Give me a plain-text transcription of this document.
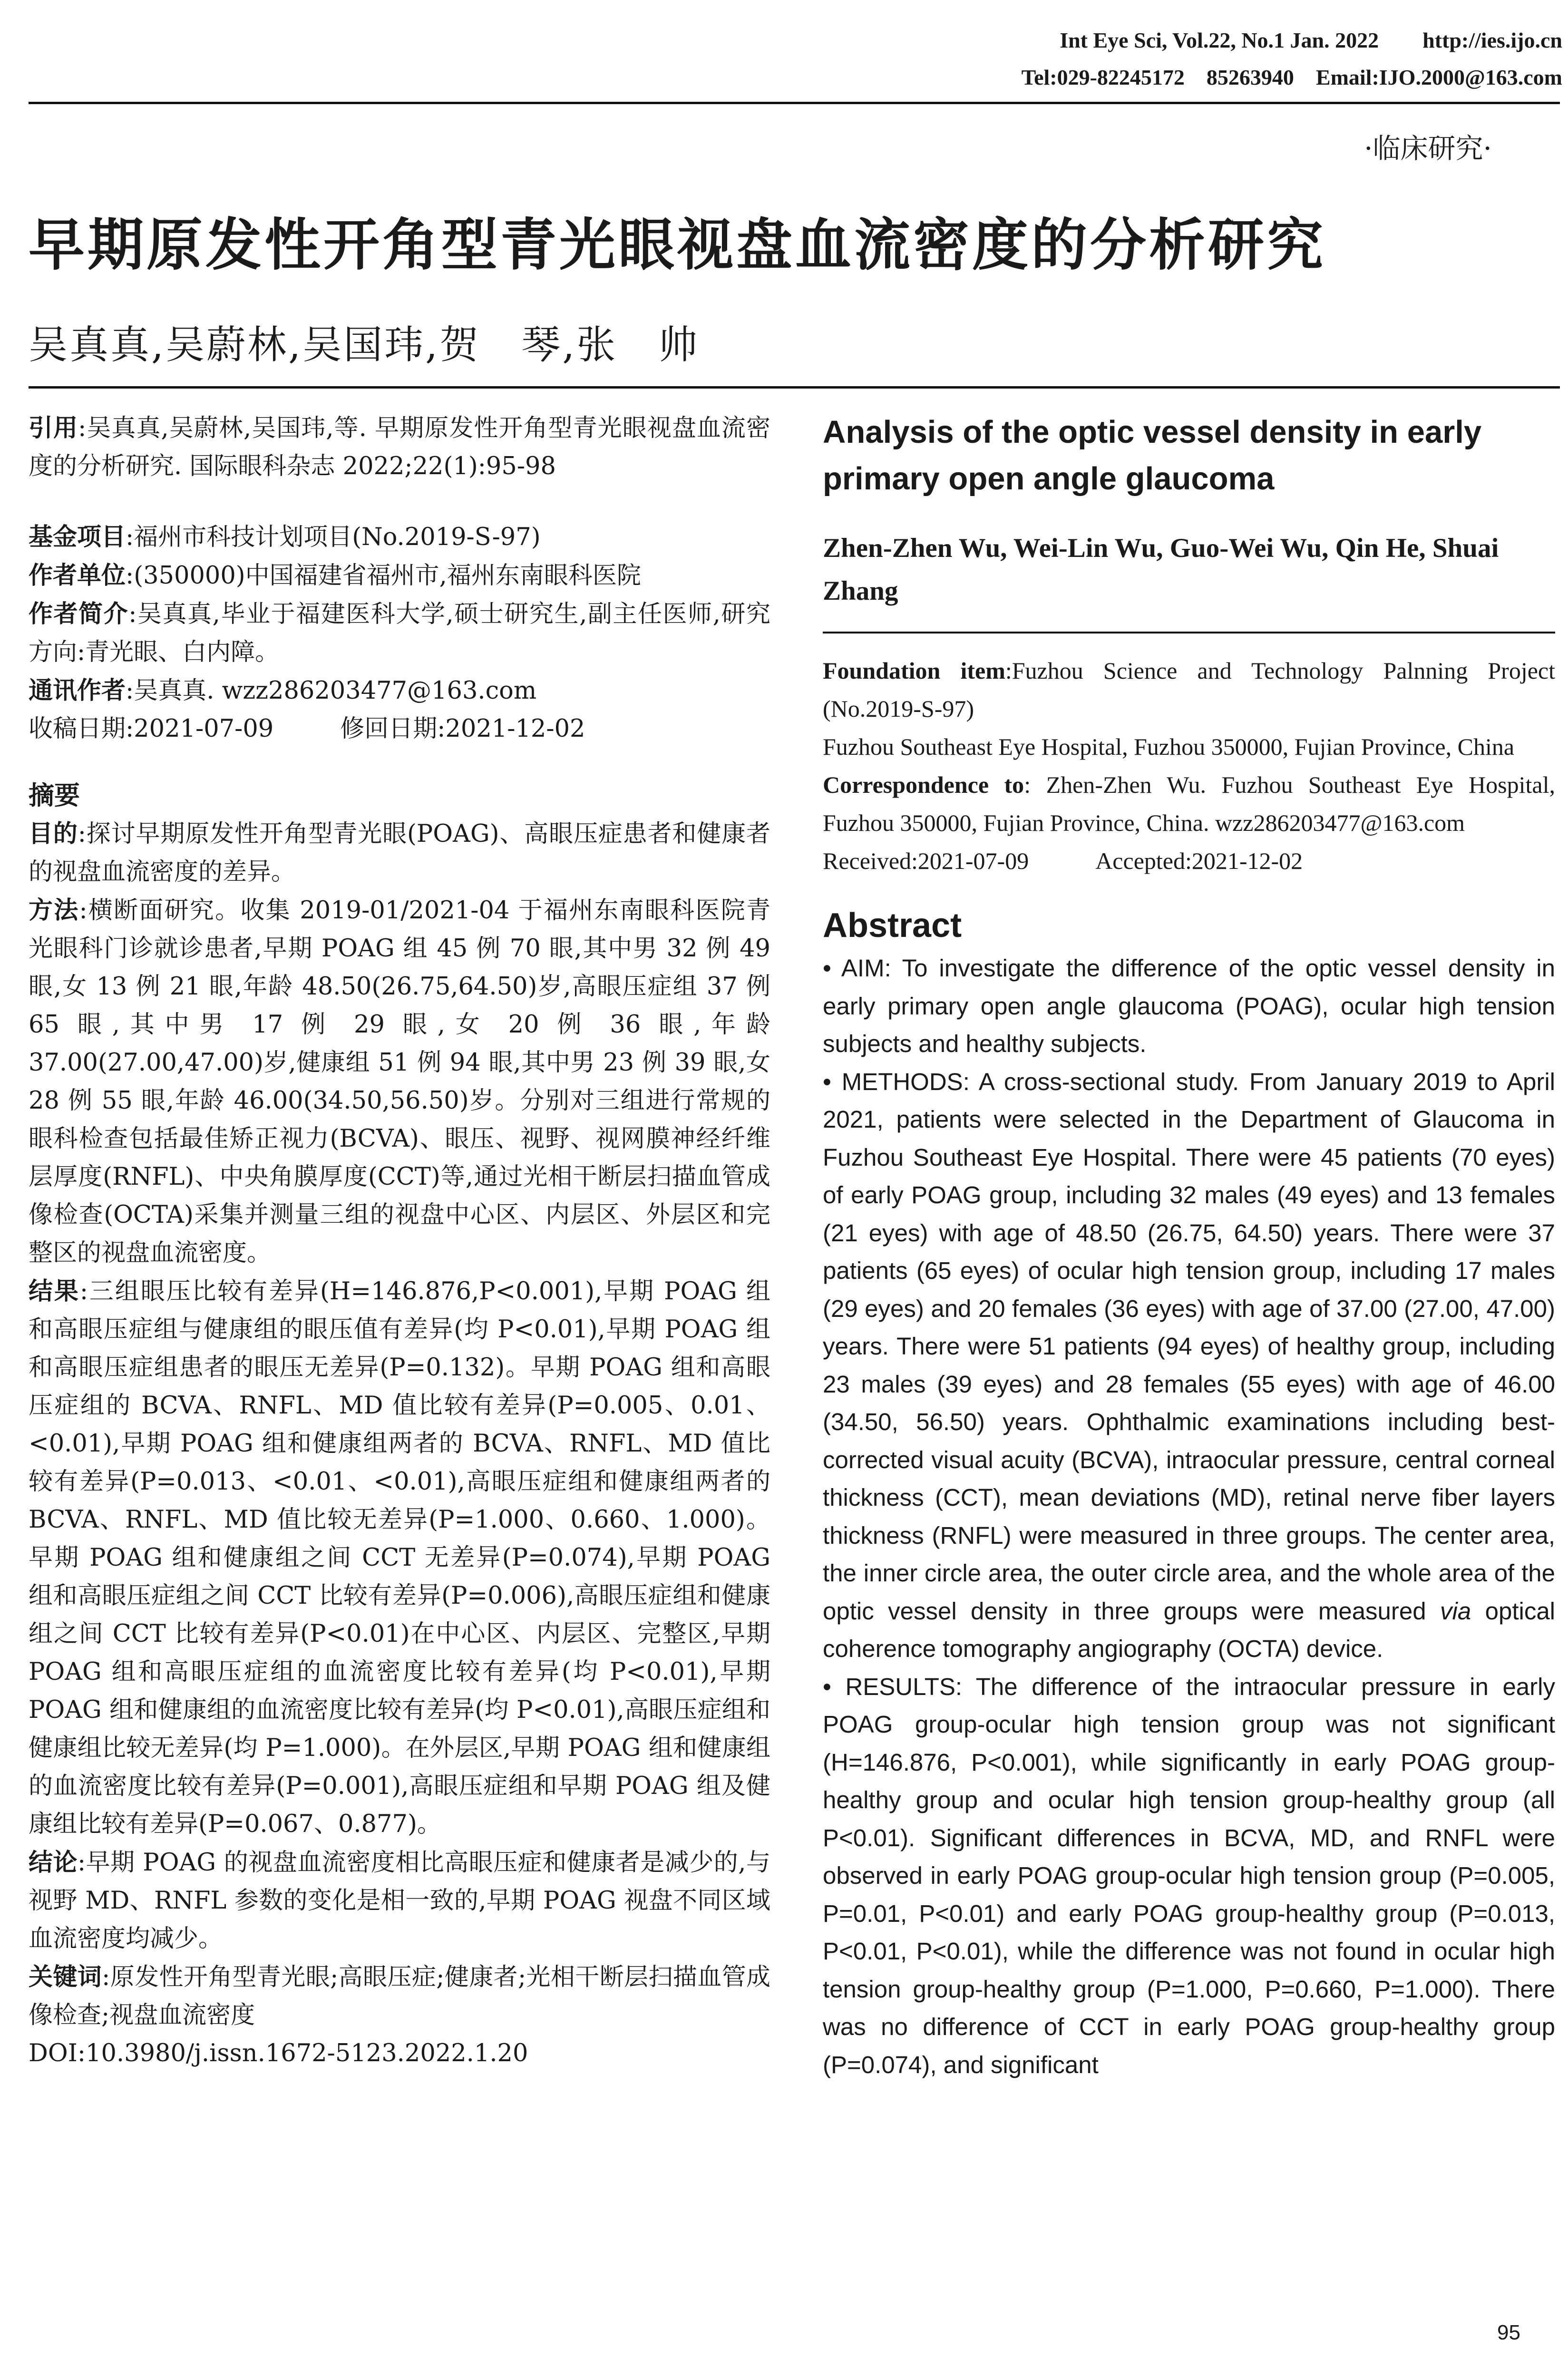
Int Eye Sci, Vol.22, No.1 Jan. 2022        http://ies.ijo.cn
Tel:029-82245172    85263940    Email:IJO.2000@163.com
·临床研究·
早期原发性开角型青光眼视盘血流密度的分析研究
吴真真,吴蔚林,吴国玮,贺　琴,张　帅

引用:吴真真,吴蔚林,吴国玮,等. 早期原发性开角型青光眼视盘血流密度的分析研究. 国际眼科杂志 2022;22(1):95-98

基金项目:福州市科技计划项目(No.2019-S-97)

作者单位:(350000)中国福建省福州市,福州东南眼科医院

作者简介:吴真真,毕业于福建医科大学,硕士研究生,副主任医师,研究方向:青光眼、白内障。

通讯作者:吴真真. wzz286203477@163.com

收稿日期:2021-07-09	修回日期:2021-12-02

摘要

目的:探讨早期原发性开角型青光眼(POAG)、高眼压症患者和健康者的视盘血流密度的差异。

方法:横断面研究。收集 2019-01/2021-04 于福州东南眼科医院青光眼科门诊就诊患者,早期 POAG 组 45 例 70 眼,其中男 32 例 49 眼,女 13 例 21 眼,年龄 48.50(26.75,64.50)岁,高眼压症组 37 例 65 眼,其中男 17 例 29 眼,女 20 例 36 眼,年龄 37.00(27.00,47.00)岁,健康组 51 例 94 眼,其中男 23 例 39 眼,女 28 例 55 眼,年龄 46.00(34.50,56.50)岁。分别对三组进行常规的眼科检查包括最佳矫正视力(BCVA)、眼压、视野、视网膜神经纤维层厚度(RNFL)、中央角膜厚度(CCT)等,通过光相干断层扫描血管成像检查(OCTA)采集并测量三组的视盘中心区、内层区、外层区和完整区的视盘血流密度。

结果:三组眼压比较有差异(H=146.876,P<0.001),早期 POAG 组和高眼压症组与健康组的眼压值有差异(均 P<0.01),早期 POAG 组和高眼压症组患者的眼压无差异(P=0.132)。早期 POAG 组和高眼压症组的 BCVA、RNFL、MD 值比较有差异(P=0.005、0.01、<0.01),早期 POAG 组和健康组两者的 BCVA、RNFL、MD 值比较有差异(P=0.013、<0.01、<0.01),高眼压症组和健康组两者的 BCVA、RNFL、MD 值比较无差异(P=1.000、0.660、1.000)。早期 POAG 组和健康组之间 CCT 无差异(P=0.074),早期 POAG 组和高眼压症组之间 CCT 比较有差异(P=0.006),高眼压症组和健康组之间 CCT 比较有差异(P<0.01)在中心区、内层区、完整区,早期 POAG 组和高眼压症组的血流密度比较有差异(均 P<0.01),早期 POAG 组和健康组的血流密度比较有差异(均 P<0.01),高眼压症组和健康组比较无差异(均 P=1.000)。在外层区,早期 POAG 组和健康组的血流密度比较有差异(P=0.001),高眼压症组和早期 POAG 组及健康组比较有差异(P=0.067、0.877)。

结论:早期 POAG 的视盘血流密度相比高眼压症和健康者是减少的,与视野 MD、RNFL 参数的变化是相一致的,早期 POAG 视盘不同区域血流密度均减少。

关键词:原发性开角型青光眼;高眼压症;健康者;光相干断层扫描血管成像检查;视盘血流密度

DOI:10.3980/j.issn.1672-5123.2022.1.20

Analysis of the optic vessel density in early primary open angle glaucoma
Zhen-Zhen Wu, Wei-Lin Wu, Guo-Wei Wu, Qin He, Shuai Zhang

Foundation item:Fuzhou Science and Technology Palnning Project (No.2019-S-97)

Fuzhou Southeast Eye Hospital, Fuzhou 350000, Fujian Province, China

Correspondence to: Zhen-Zhen Wu. Fuzhou Southeast Eye Hospital, Fuzhou 350000, Fujian Province, China. wzz286203477@163.com

Received:2021-07-09	Accepted:2021-12-02

Abstract

• AIM: To investigate the difference of the optic vessel density in early primary open angle glaucoma (POAG), ocular high tension subjects and healthy subjects.

• METHODS: A cross-sectional study. From January 2019 to April 2021, patients were selected in the Department of Glaucoma in Fuzhou Southeast Eye Hospital. There were 45 patients (70 eyes) of early POAG group, including 32 males (49 eyes) and 13 females (21 eyes) with age of 48.50 (26.75, 64.50) years. There were 37 patients (65 eyes) of ocular high tension group, including 17 males (29 eyes) and 20 females (36 eyes) with age of 37.00 (27.00, 47.00) years. There were 51 patients (94 eyes) of healthy group, including 23 males (39 eyes) and 28 females (55 eyes) with age of 46.00 (34.50, 56.50) years. Ophthalmic examinations including best-corrected visual acuity (BCVA), intraocular pressure, central corneal thickness (CCT), mean deviations (MD), retinal nerve fiber layers thickness (RNFL) were measured in three groups. The center area, the inner circle area, the outer circle area, and the whole area of the optic vessel density in three groups were measured via optical coherence tomography angiography (OCTA) device.

• RESULTS: The difference of the intraocular pressure in early POAG group-ocular high tension group was not significant (H=146.876, P<0.001), while significantly in early POAG group-healthy group and ocular high tension group-healthy group (all P<0.01). Significant differences in BCVA, MD, and RNFL were observed in early POAG group-ocular high tension group (P=0.005, P=0.01, P<0.01) and early POAG group-healthy group (P=0.013, P<0.01, P<0.01), while the difference was not found in ocular high tension group-healthy group (P=1.000, P=0.660, P=1.000). There was no difference of CCT in early POAG group-healthy group (P=0.074), and significant

95
